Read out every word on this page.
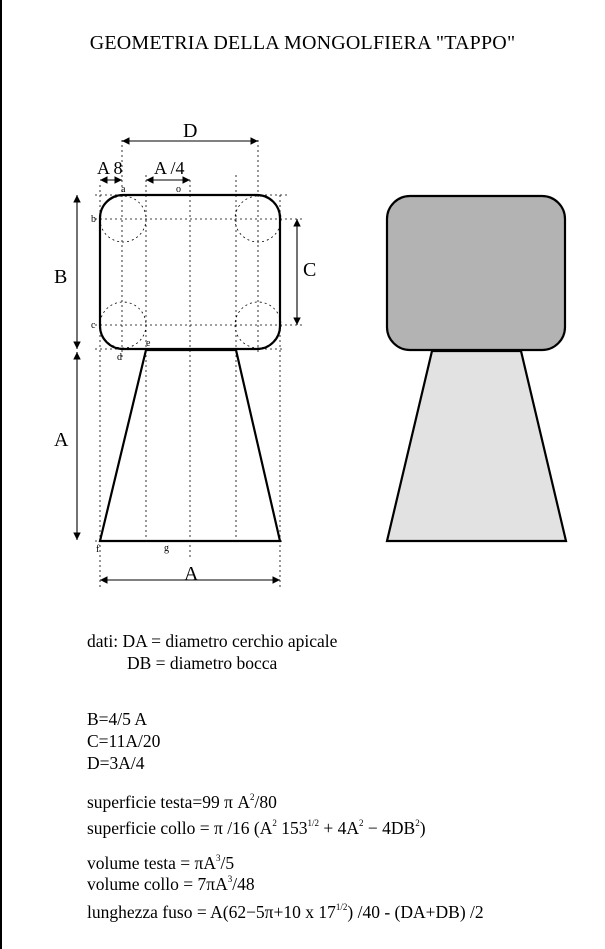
GEOMETRIA DELLA MONGOLFIERA "TAPPO"
D
A 8 A /4
B	C
A
A
a	o
b
c
d
e
f	g
dati: DA = diametro cerchio apicale
DB = diametro bocca
B=4/5 A
C=11A/20
D=3A/4
superficie testa=99 π $A^2/80$
superficie collo = π /16 ($A^2$ $153^{1/2} + 4A^2 - 4DB^2$)
volume testa = $\pi A^3/5$
volume collo = $7\pi A^3/48$
lunghezza fuso = A(62−5π+10 x $17^{1/2}$) /40 - (DA+DB) /2
